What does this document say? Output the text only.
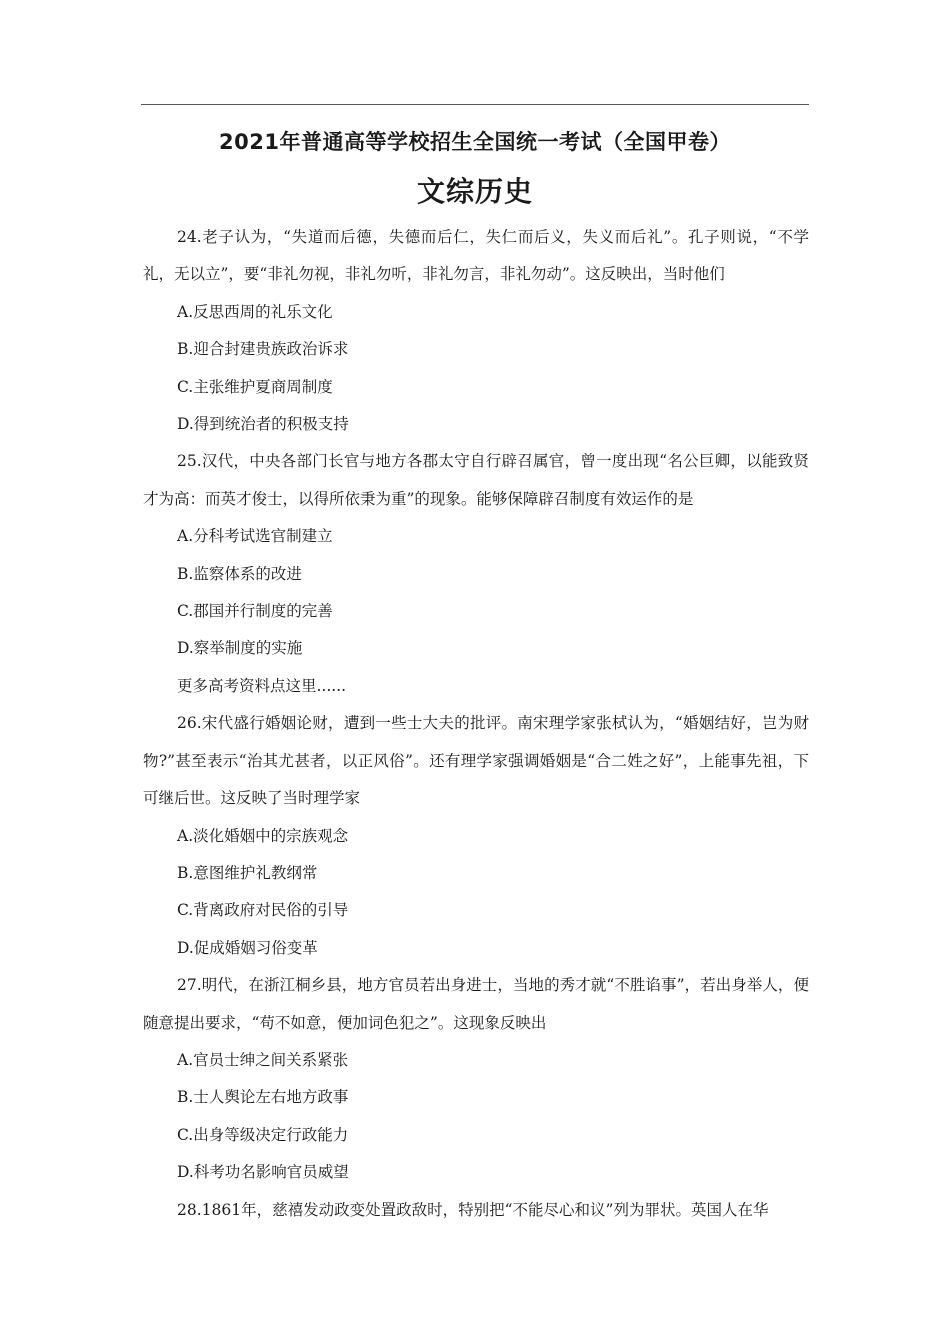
2021年普通高等学校招生全国统一考试（全国甲卷）
文综历史

24.老子认为，“失道而后德，失德而后仁，失仁而后义，失义而后礼”。孔子则说，“不学礼，无以立”，要“非礼勿视，非礼勿听，非礼勿言，非礼勿动”。这反映出，当时他们

A.反思西周的礼乐文化

B.迎合封建贵族政治诉求

C.主张维护夏商周制度

D.得到统治者的积极支持

25.汉代，中央各部门长官与地方各郡太守自行辟召属官，曾一度出现“名公巨卿，以能致贤才为高：而英才俊士，以得所依秉为重”的现象。能够保障辟召制度有效运作的是

A.分科考试选官制建立

B.监察体系的改进

C.郡国并行制度的完善

D.察举制度的实施

更多高考资料点这里......

26.宋代盛行婚姻论财，遭到一些士大夫的批评。南宋理学家张栻认为，“婚姻结好，岂为财物?”甚至表示“治其尤甚者，以正风俗”。还有理学家强调婚姻是“合二姓之好”，上能事先祖，下可继后世。这反映了当时理学家

A.淡化婚姻中的宗族观念

B.意图维护礼教纲常

C.背离政府对民俗的引导

D.促成婚姻习俗变革

27.明代，在浙江桐乡县，地方官员若出身进士，当地的秀才就“不胜谄事”，若出身举人，便随意提出要求，“苟不如意，便加词色犯之”。这现象反映出

A.官员士绅之间关系紧张

B.士人舆论左右地方政事

C.出身等级决定行政能力

D.科考功名影响官员威望

28.1861年，慈禧发动政变处置政敌时，特别把“不能尽心和议”列为罪状。英国人在华
